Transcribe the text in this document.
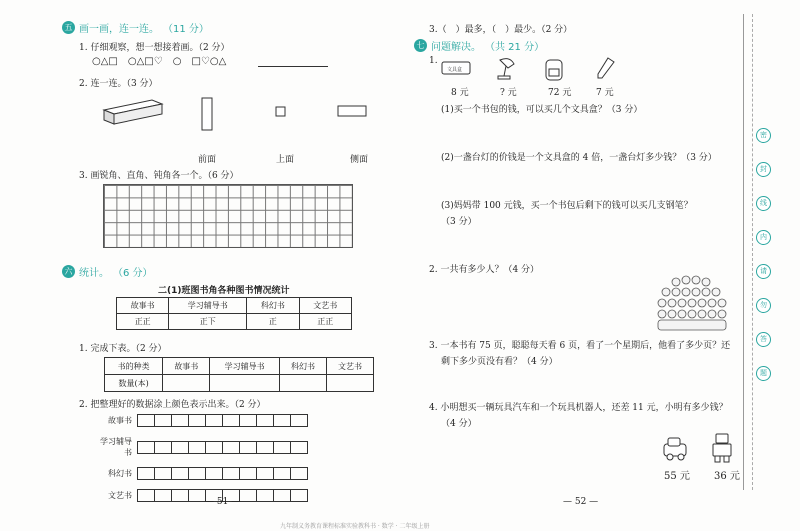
五 画一画，连一连。 （11 分）
1. 仔细观察，想一想接着画。（2 分）
○△□ ○△□♡ ○ □♡○△
2. 连一连。（3 分）
前面	上面	侧面
3. 画锐角、直角、钝角各一个。（6 分）
六 统计。 （6 分）
二(1)班图书角各种图书情况统计
故事书	学习辅导书	科幻书	文艺书
正正	正下	正	正正
1. 完成下表。（2 分）
书的种类	故事书	学习辅导书	科幻书	文艺书
数量(本)				
2. 把整理好的数据涂上颜色表示出来。（2 分）
故事书
学习辅导书
科幻书
文艺书
— 51 —
3.（　）最多，（　）最少。（2 分）
七 问题解决。 （共 21 分）
1.
文具盒
8 元	? 元	72 元	7 元
(1)买一个书包的钱，可以买几个文具盒？（3 分）
(2)一盏台灯的价钱是一个文具盒的 4 倍，一盏台灯多少钱？（3 分）
(3)妈妈带 100 元钱，买一个书包后剩下的钱可以买几支钢笔？
（3 分）
2. 一共有多少人？（4 分）
3. 一本书有 75 页，聪聪每天看 6 页，看了一个星期后，他看了多少页？还
剩下多少页没有看？（4 分）
4. 小明想买一辆玩具汽车和一个玩具机器人，还差 11 元，小明有多少钱？
（4 分）
55 元	36 元
— 52 —
密
封
线
内
请
勿
答
题
九年制义务教育课程标准实验教科书 · 数学 · 二年级上册
